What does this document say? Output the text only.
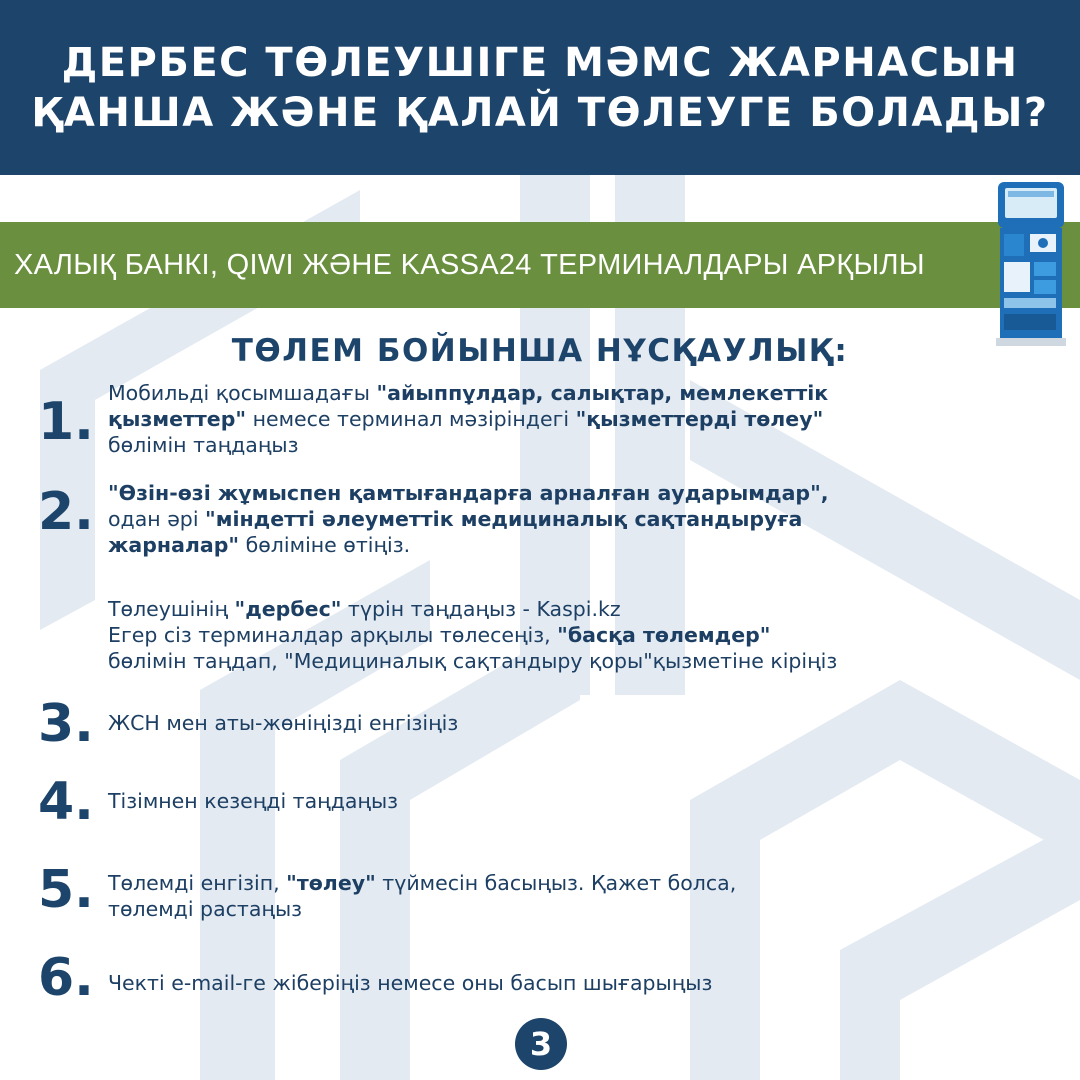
ДЕРБЕС ТӨЛЕУШІГЕ МӘМС ЖАРНАСЫН
ҚАНША ЖӘНЕ ҚАЛАЙ ТӨЛЕУГЕ БОЛАДЫ?
ХАЛЫҚ БАНКІ, QIWI ЖӘНЕ KASSA24 ТЕРМИНАЛДАРЫ АРҚЫЛЫ
ТӨЛЕМ БОЙЫНША НҰСҚАУЛЫҚ:
1. Мобильді қосымшадағы "айыппұлдар, салықтар, мемлекеттік
қызметтер" немесе терминал мәзіріндегі "қызметтерді төлеу"
бөлімін таңдаңыз
2. "Өзін-өзі жұмыспен қамтығандарға арналған аударымдар",
одан әрі "міндетті әлеуметтік медициналық сақтандыруға
жарналар" бөліміне өтіңіз.
Төлеушінің "дербес" түрін таңдаңыз - Kaspi.kz
Егер сіз терминалдар арқылы төлесеңіз, "басқа төлемдер"
бөлімін таңдап, "Медициналық сақтандыру қоры"қызметіне кіріңіз
3. ЖСН мен аты-жөніңізді енгізіңіз
4. Тізімнен кезеңді таңдаңыз
5. Төлемді енгізіп, "төлеу" түймесін басыңыз. Қажет болса,
төлемді растаңыз
6. Чекті e-mail-ге жіберіңіз немесе оны басып шығарыңыз
3
